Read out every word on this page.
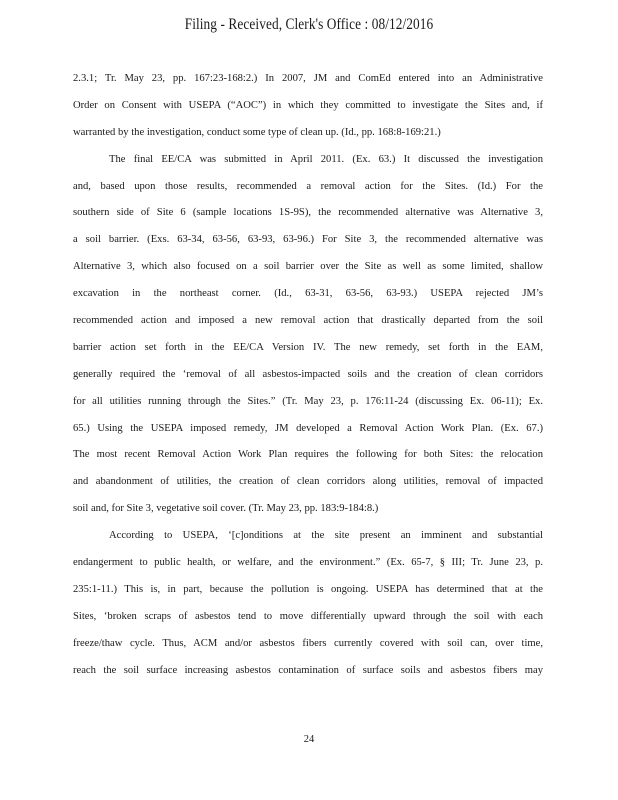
Filing - Received, Clerk's Office : 08/12/2016
2.3.1; Tr. May 23, pp. 167:23-168:2.) In 2007, JM and ComEd entered into an Administrative
Order on Consent with USEPA (“AOC”) in which they committed to investigate the Sites and, if
warranted by the investigation, conduct some type of clean up. (Id., pp. 168:8-169:21.)
The final EE/CA was submitted in April 2011. (Ex. 63.) It discussed the investigation
and, based upon those results, recommended a removal action for the Sites. (Id.) For the
southern side of Site 6 (sample locations 1S-9S), the recommended alternative was Alternative 3,
a soil barrier. (Exs. 63-34, 63-56, 63-93, 63-96.) For Site 3, the recommended alternative was
Alternative 3, which also focused on a soil barrier over the Site as well as some limited, shallow
excavation in the northeast corner. (Id., 63-31, 63-56, 63-93.) USEPA rejected JM’s
recommended action and imposed a new removal action that drastically departed from the soil
barrier action set forth in the EE/CA Version IV. The new remedy, set forth in the EAM,
generally required the ‘removal of all asbestos-impacted soils and the creation of clean corridors
for all utilities running through the Sites.” (Tr. May 23, p. 176:11-24 (discussing Ex. 06-11); Ex.
65.) Using the USEPA imposed remedy, JM developed a Removal Action Work Plan. (Ex. 67.)
The most recent Removal Action Work Plan requires the following for both Sites: the relocation
and abandonment of utilities, the creation of clean corridors along utilities, removal of impacted
soil and, for Site 3, vegetative soil cover. (Tr. May 23, pp. 183:9-184:8.)
According to USEPA, ‘[c]onditions at the site present an imminent and substantial
endangerment to public health, or welfare, and the environment.” (Ex. 65-7, § III; Tr. June 23, p.
235:1-11.) This is, in part, because the pollution is ongoing. USEPA has determined that at the
Sites, ‘broken scraps of asbestos tend to move differentially upward through the soil with each
freeze/thaw cycle. Thus, ACM and/or asbestos fibers currently covered with soil can, over time,
reach the soil surface increasing asbestos contamination of surface soils and asbestos fibers may
24
